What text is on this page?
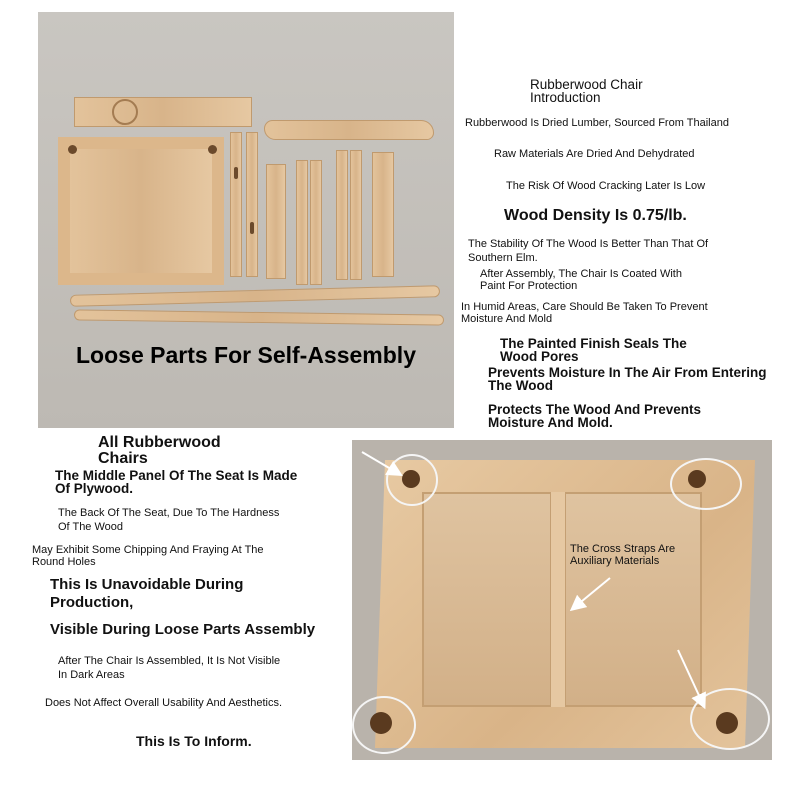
Loose Parts For Self-Assembly
Rubberwood Chair
Introduction
Rubberwood Is Dried Lumber, Sourced From Thailand
Raw Materials Are Dried And Dehydrated
The Risk Of Wood Cracking Later Is Low
Wood Density Is 0.75/lb.
The Stability Of The Wood Is Better Than That Of
Southern Elm.
After Assembly, The Chair Is Coated With
Paint For Protection
In Humid Areas, Care Should Be Taken To Prevent
Moisture And Mold
The Painted Finish Seals The
Wood Pores
Prevents Moisture In The Air From Entering
The Wood
Protects The Wood And Prevents
Moisture And Mold.
All Rubberwood
Chairs
The Middle Panel Of The Seat Is Made
Of Plywood.
The Back Of The Seat, Due To The Hardness
Of The Wood
May Exhibit Some Chipping And Fraying At The
Round Holes
This Is Unavoidable During
Production,
Visible During Loose Parts Assembly
After The Chair Is Assembled, It Is Not Visible
In Dark Areas
Does Not Affect Overall Usability And Aesthetics.
This Is To Inform.
The Cross Straps Are
Auxiliary Materials
